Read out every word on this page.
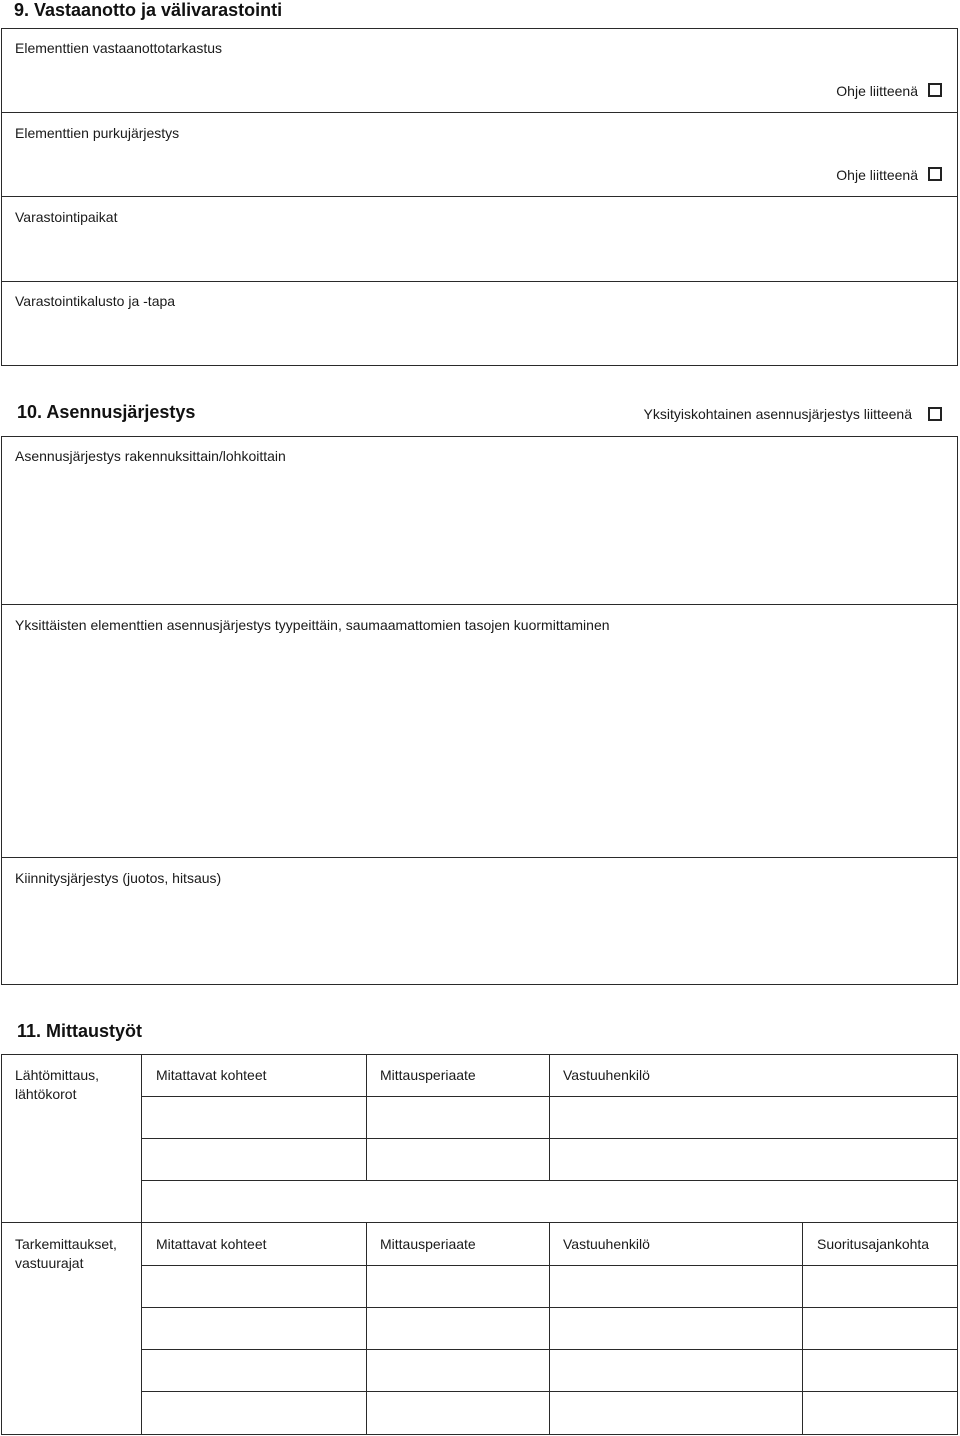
9. Vastaanotto ja välivarastointi
Elementtien vastaanottotarkastus
Ohje liitteenä
Elementtien purkujärjestys
Ohje liitteenä
Varastointipaikat
Varastointikalusto ja -tapa
10. Asennusjärjestys	Yksityiskohtainen asennusjärjestys liitteenä
Asennusjärjestys rakennuksittain/lohkoittain
Yksittäisten elementtien asennusjärjestys tyypeittäin, saumaamattomien tasojen kuormittaminen
Kiinnitysjärjestys (juotos, hitsaus)
11. Mittaustyöt
Lähtömittaus,
lähtökorot
Mitattavat kohteet	Mittausperiaate	Vastuuhenkilö
Tarkemittaukset,
vastuurajat
Mitattavat kohteet	Mittausperiaate	Vastuuhenkilö	Suoritusajankohta
